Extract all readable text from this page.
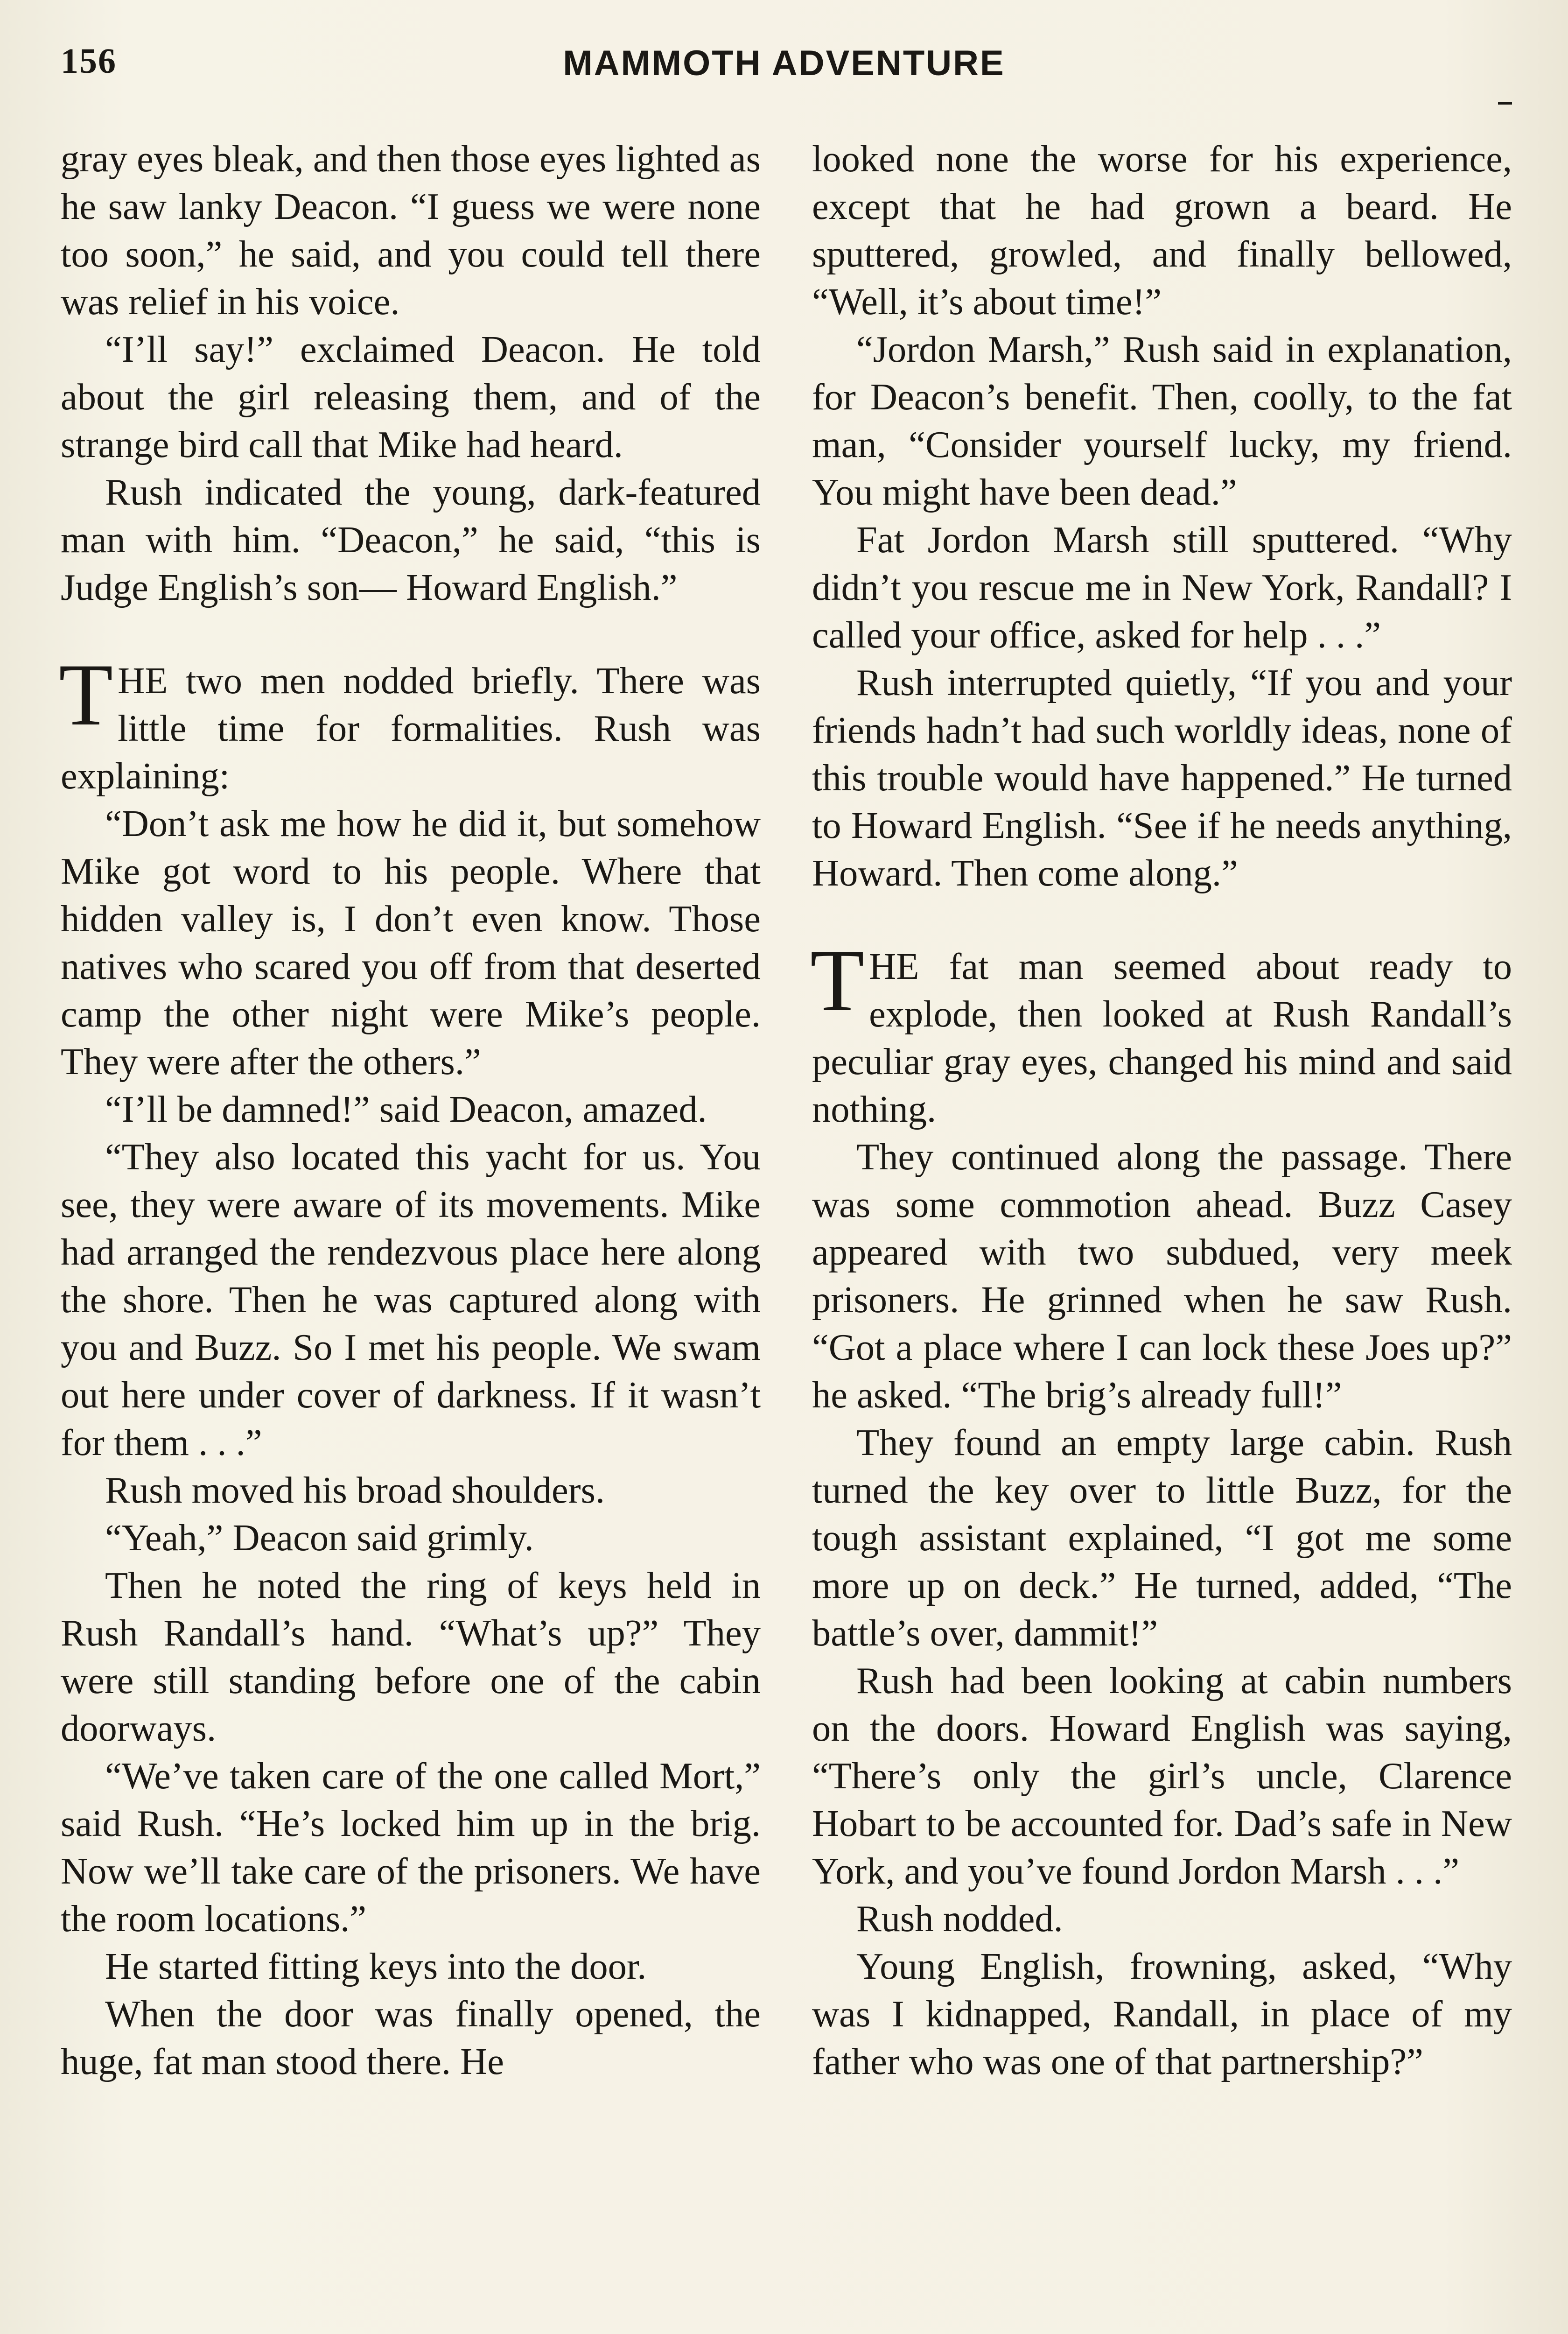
156	MAMMOTH ADVENTURE

gray eyes bleak, and then those eyes lighted as he saw lanky Deacon. “I guess we were none too soon,” he said, and you could tell there was relief in his voice.

“I’ll say!” exclaimed Deacon. He told about the girl releasing them, and of the strange bird call that Mike had heard.

Rush indicated the young, dark-featured man with him. “Deacon,” he said, “this is Judge English’s son— Howard English.”

THE two men nodded briefly. There was little time for formalities. Rush was explaining:

“Don’t ask me how he did it, but somehow Mike got word to his people. Where that hidden valley is, I don’t even know. Those natives who scared you off from that deserted camp the other night were Mike’s people. They were after the others.”

“I’ll be damned!” said Deacon, amazed.

“They also located this yacht for us. You see, they were aware of its movements. Mike had arranged the rendezvous place here along the shore. Then he was captured along with you and Buzz. So I met his people. We swam out here under cover of darkness. If it wasn’t for them . . .”

Rush moved his broad shoulders.

“Yeah,” Deacon said grimly.

Then he noted the ring of keys held in Rush Randall’s hand. “What’s up?” They were still standing before one of the cabin doorways.

“We’ve taken care of the one called Mort,” said Rush. “He’s locked him up in the brig. Now we’ll take care of the prisoners. We have the room locations.”

He started fitting keys into the door.

When the door was finally opened, the huge, fat man stood there. He

looked none the worse for his experience, except that he had grown a beard. He sputtered, growled, and finally bellowed, “Well, it’s about time!”

“Jordon Marsh,” Rush said in explanation, for Deacon’s benefit. Then, coolly, to the fat man, “Consider yourself lucky, my friend. You might have been dead.”

Fat Jordon Marsh still sputtered. “Why didn’t you rescue me in New York, Randall? I called your office, asked for help . . .”

Rush interrupted quietly, “If you and your friends hadn’t had such worldly ideas, none of this trouble would have happened.” He turned to Howard English. “See if he needs anything, Howard. Then come along.”

THE fat man seemed about ready to explode, then looked at Rush Randall’s peculiar gray eyes, changed his mind and said nothing.

They continued along the passage. There was some commotion ahead. Buzz Casey appeared with two subdued, very meek prisoners. He grinned when he saw Rush. “Got a place where I can lock these Joes up?” he asked. “The brig’s already full!”

They found an empty large cabin. Rush turned the key over to little Buzz, for the tough assistant explained, “I got me some more up on deck.” He turned, added, “The battle’s over, dammit!”

Rush had been looking at cabin numbers on the doors. Howard English was saying, “There’s only the girl’s uncle, Clarence Hobart to be accounted for. Dad’s safe in New York, and you’ve found Jordon Marsh . . .”

Rush nodded.

Young English, frowning, asked, “Why was I kidnapped, Randall, in place of my father who was one of that partnership?”
